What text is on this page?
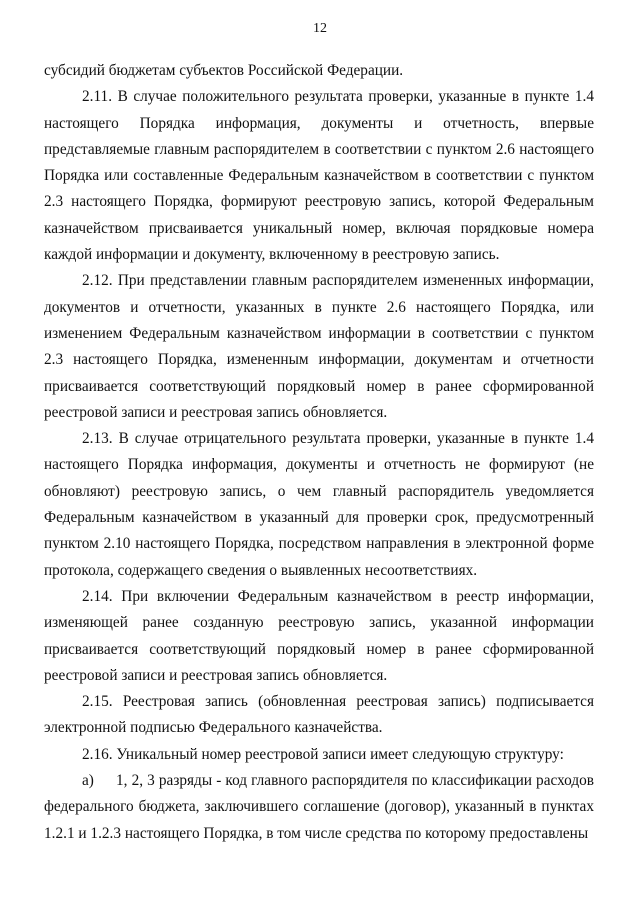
12

субсидий бюджетам субъектов Российской Федерации.

2.11. В случае положительного результата проверки, указанные в пункте 1.4 настоящего Порядка информация, документы и отчетность, впервые представляемые главным распорядителем в соответствии с пунктом 2.6 настоящего Порядка или составленные Федеральным казначейством в соответствии с пунктом 2.3 настоящего Порядка, формируют реестровую запись, которой Федеральным казначейством присваивается уникальный номер, включая порядковые номера каждой информации и документу, включенному в реестровую запись.

2.12. При представлении главным распорядителем измененных информации, документов и отчетности, указанных в пункте 2.6 настоящего Порядка, или изменением Федеральным казначейством информации в соответствии с пунктом 2.3 настоящего Порядка, измененным информации, документам и отчетности присваивается соответствующий порядковый номер в ранее сформированной реестровой записи и реестровая запись обновляется.

2.13. В случае отрицательного результата проверки, указанные в пункте 1.4 настоящего Порядка информация, документы и отчетность не формируют (не обновляют) реестровую запись, о чем главный распорядитель уведомляется Федеральным казначейством в указанный для проверки срок, предусмотренный пунктом 2.10 настоящего Порядка, посредством направления в электронной форме протокола, содержащего сведения о выявленных несоответствиях.

2.14. При включении Федеральным казначейством в реестр информации, изменяющей ранее созданную реестровую запись, указанной информации присваивается соответствующий порядковый номер в ранее сформированной реестровой записи и реестровая запись обновляется.

2.15. Реестровая запись (обновленная реестровая запись) подписывается электронной подписью Федерального казначейства.

2.16. Уникальный номер реестровой записи имеет следующую структуру:

а) 1, 2, 3 разряды - код главного распорядителя по классификации расходов федерального бюджета, заключившего соглашение (договор), указанный в пунктах 1.2.1 и 1.2.3 настоящего Порядка, в том числе средства по которому предоставлены
